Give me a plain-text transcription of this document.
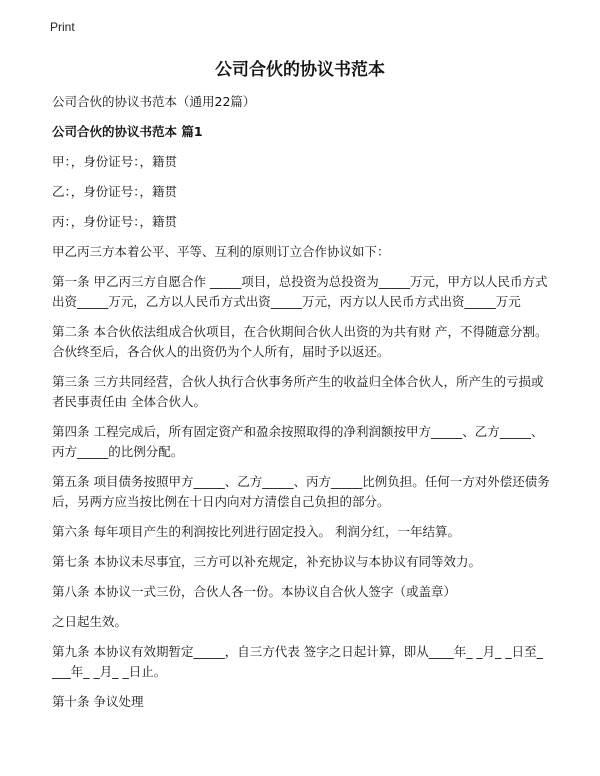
Print
公司合伙的协议书范本

公司合伙的协议书范本（通用22篇）

公司合伙的协议书范本 篇1

甲：，身份证号：，籍贯

乙：，身份证号：，籍贯

丙：，身份证号：，籍贯

甲乙丙三方本着公平、平等、互利的原则订立合作协议如下：

第一条 甲乙丙三方自愿合作 _____项目，总投资为总投资为_____万元，甲方以人民币方式出资_____万元，乙方以人民币方式出资_____万元，丙方以人民币方式出资_____万元

第二条 本合伙依法组成合伙项目，在合伙期间合伙人出资的为共有财 产，不得随意分割。合伙终至后，各合伙人的出资仍为个人所有，届时予以返还。

第三条 三方共同经营，合伙人执行合伙事务所产生的收益归全体合伙人，所产生的亏损或者民事责任由 全体合伙人。

第四条 工程完成后，所有固定资产和盈余按照取得的净利润额按甲方_____、乙方_____、丙方_____的比例分配。

第五条 项目债务按照甲方_____、乙方_____、丙方_____比例负担。任何一方对外偿还债务后，另两方应当按比例在十日内向对方清偿自己负担的部分。

第六条 每年项目产生的利润按比列进行固定投入。 利润分红，一年结算。

第七条 本协议未尽事宜，三方可以补充规定，补充协议与本协议有同等效力。

第八条 本协议一式三份，合伙人各一份。本协议自合伙人签字（或盖章）

之日起生效。

第九条 本协议有效期暂定_____，自三方代表 签字之日起计算，即从____年_ _月_ _日至_ ___年_ _月_ _日止。

第十条 争议处理
